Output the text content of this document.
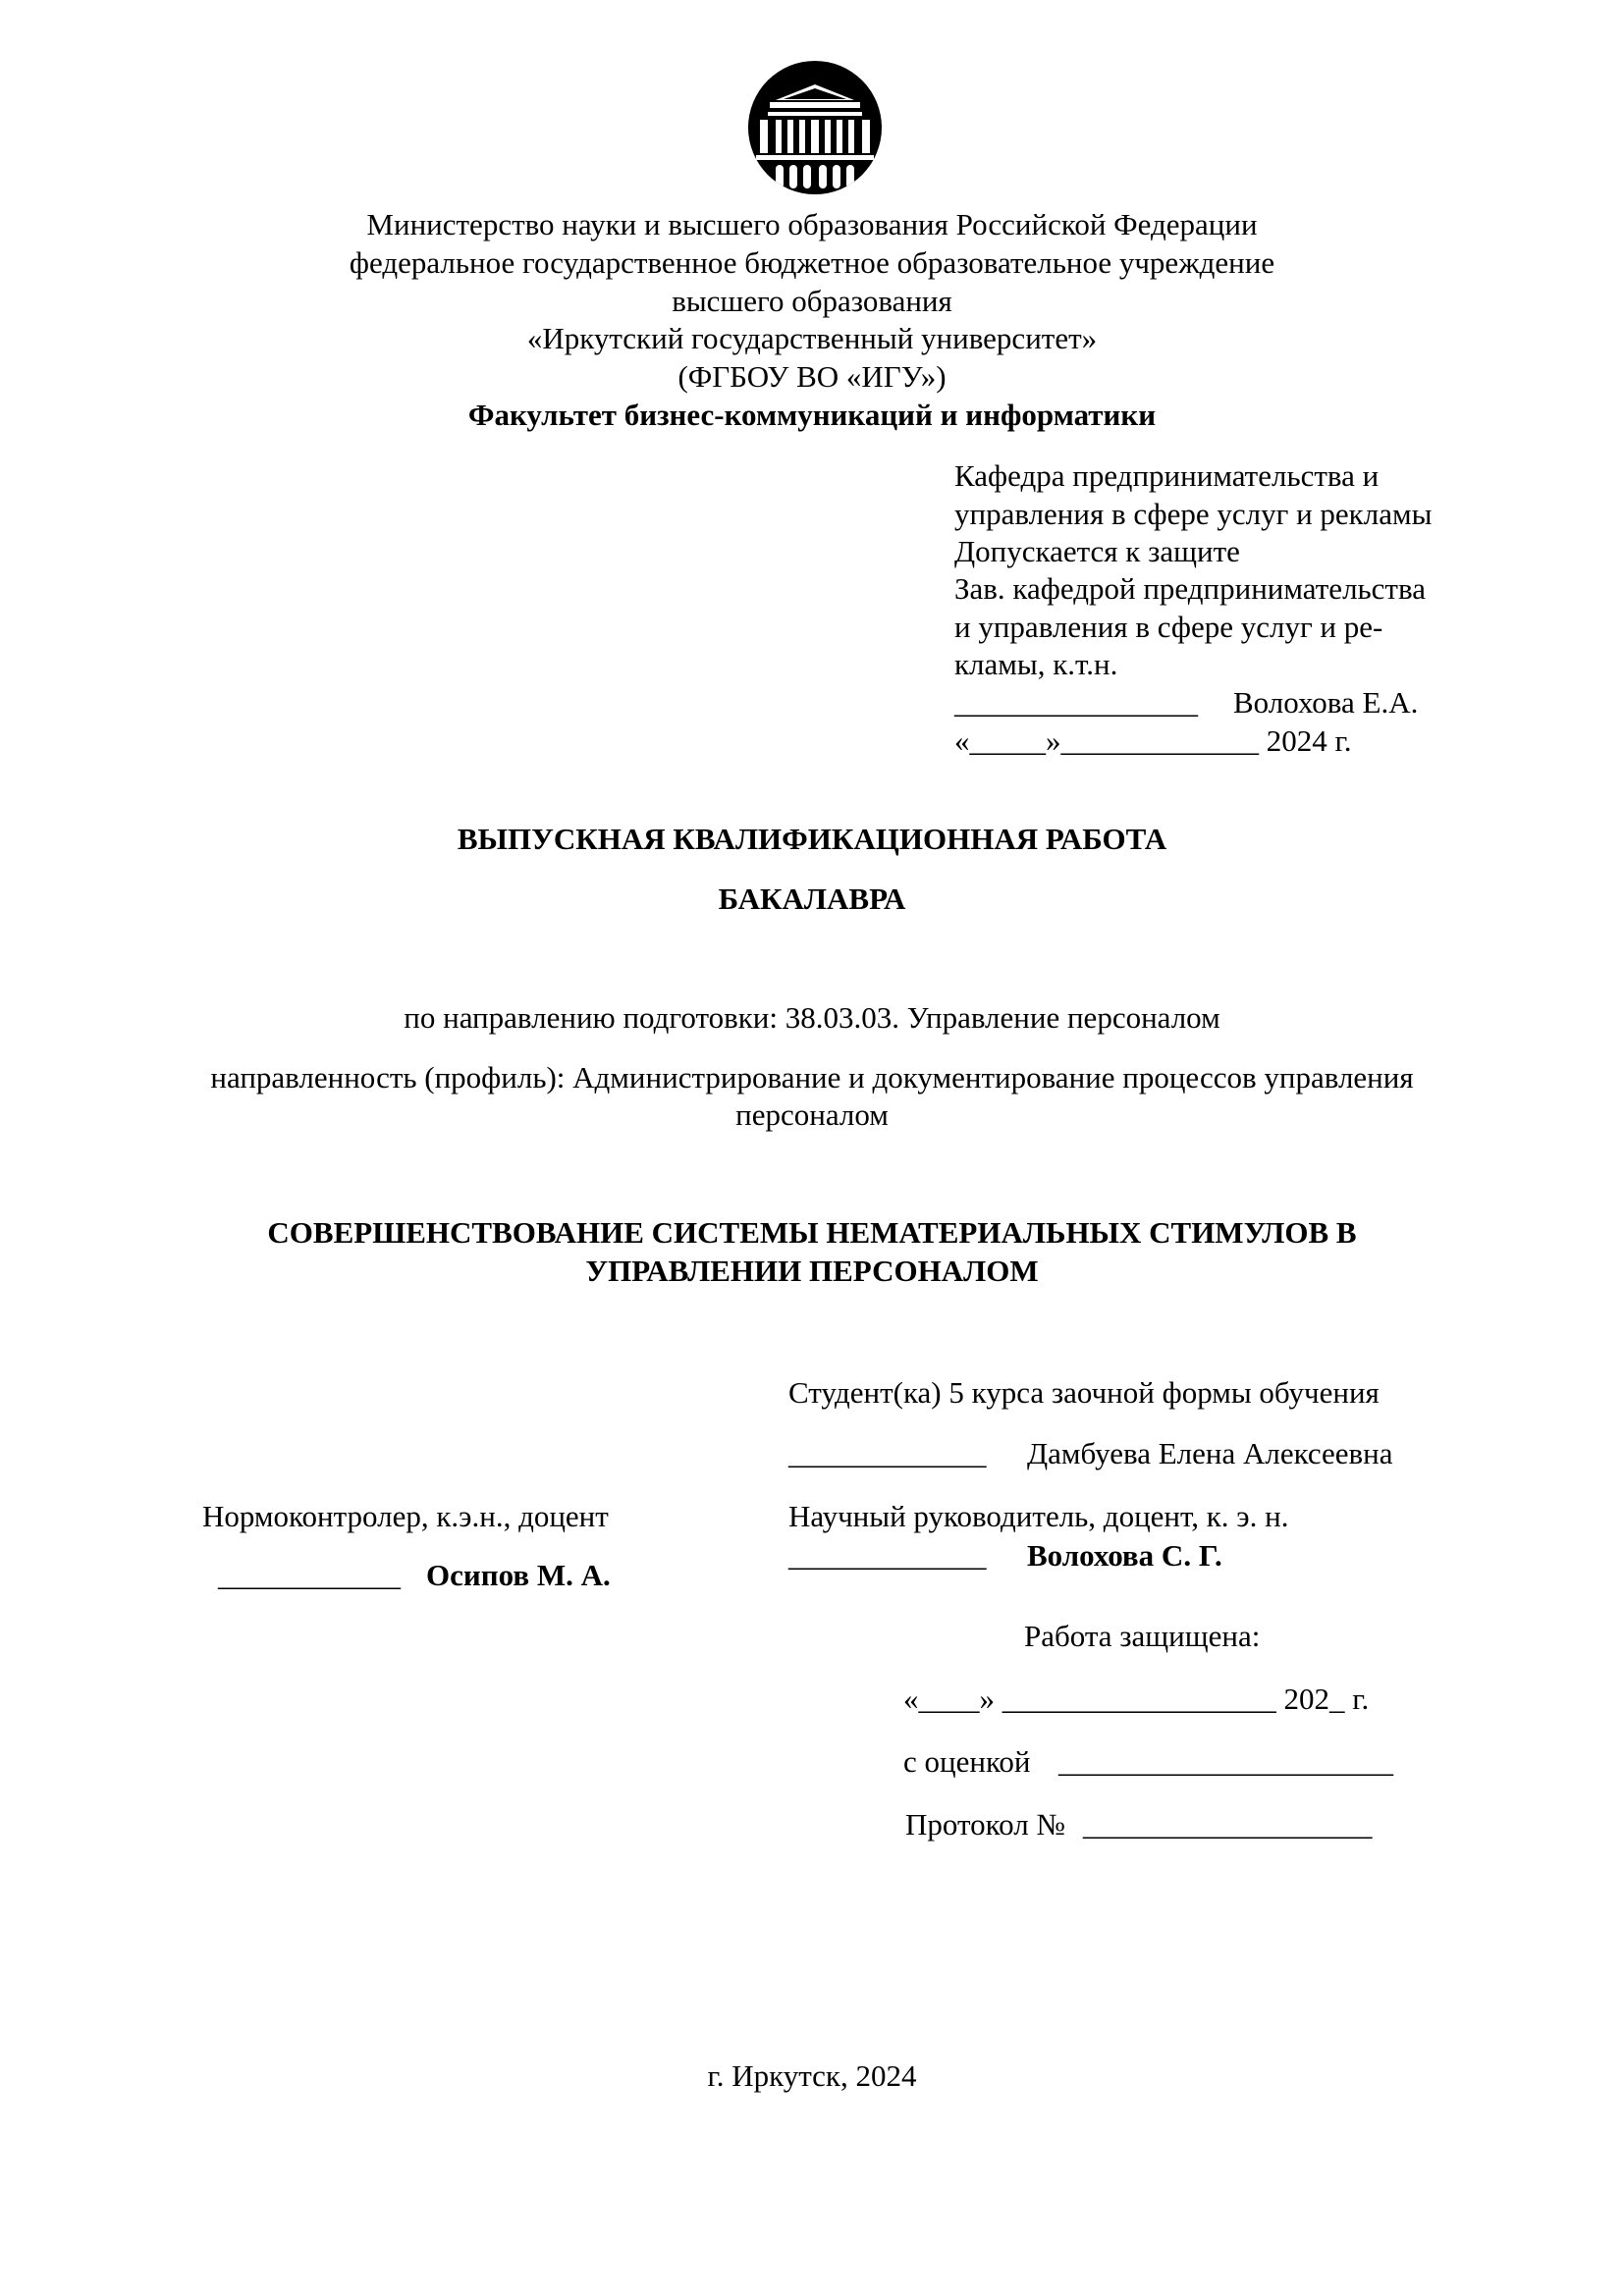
Министерство науки и высшего образования Российской Федерации
федеральное государственное бюджетное образовательное учреждение
высшего образования
«Иркутский государственный университет»
(ФГБОУ ВО «ИГУ»)
Факультет бизнес-коммуникаций и информатики
Кафедра предпринимательства и
управления в сфере услуг и рекламы
Допускается к защите
Зав. кафедрой предпринимательства
и управления в сфере услуг и ре-
кламы, к.т.н.
________________ Волохова Е.А.
«_____»_____________ 2024 г.
ВЫПУСКНАЯ КВАЛИФИКАЦИОННАЯ РАБОТА
БАКАЛАВРА
по направлению подготовки: 38.03.03. Управление персоналом
направленность (профиль): Администрирование и документирование процессов управления
персоналом
СОВЕРШЕНСТВОВАНИЕ СИСТЕМЫ НЕМАТЕРИАЛЬНЫХ СТИМУЛОВ В
УПРАВЛЕНИИ ПЕРСОНАЛОМ
Студент(ка) 5 курса заочной формы обучения
_____________ Дамбуева Елена Алексеевна
Научный руководитель, доцент, к. э. н.
_____________ Волохова С. Г.
Нормоконтролер, к.э.н., доцент
____________ Осипов М. А.
Работа защищена:
«____» __________________ 202_ г.
с оценкой ______________________
Протокол № ___________________
г. Иркутск, 2024
